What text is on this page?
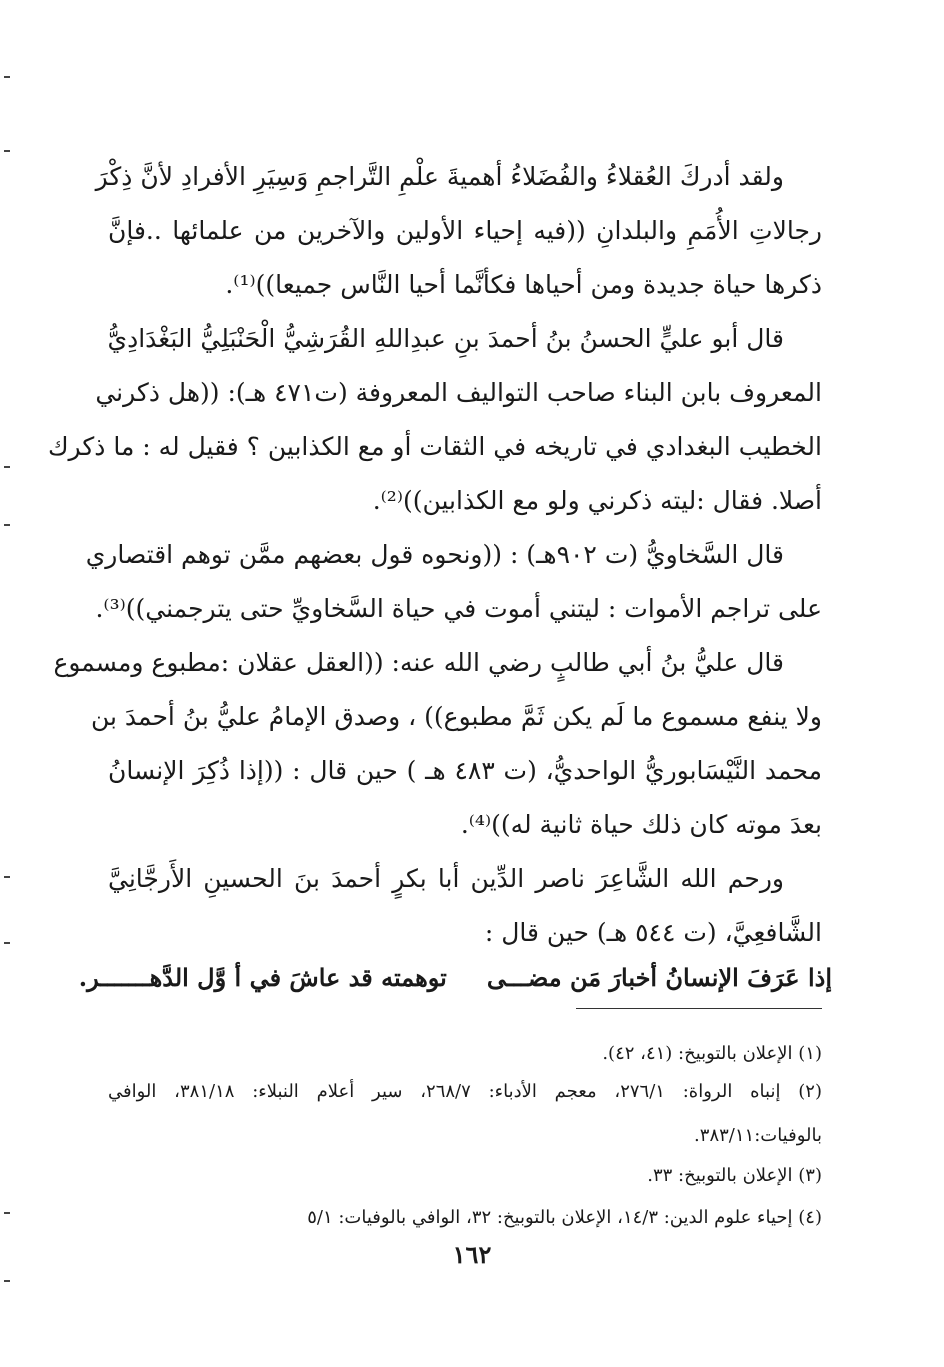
ولقد أدركَ العُقلاءُ والفُضَلاءُ أهميةَ علْمِ التَّراجمِ وَسِيَرِ الأفرادِ لأنَّ ذِكْرَ
رجالاتِ الأُمَمِ والبلدانِ ((فيه إحياء الأولين والآخرين من علمائها ..فإنَّ
ذكرها حياة جديدة ومن أحياها فكأنَّما أحيا النَّاس جميعا))⁽¹⁾.
قال أبو عليٍّ الحسنُ بنُ أحمدَ بنِ عبدِاللهِ القُرَشِيُّ الْحَنْبَلِيُّ البَغْدَادِيُّ
المعروف بابن البناء صاحب التواليف المعروفة (ت٤٧١ هـ): ((هل ذكرني
الخطيب البغدادي في تاريخه في الثقات أو مع الكذابين ؟ فقيل له : ما ذكرك
أصلا. فقال :ليته ذكرني ولو مع الكذابين))⁽²⁾.
قال السَّخاويُّ (ت ٩٠٢هـ) : ((ونحوه قول بعضهم ممَّن توهم اقتصاري
على تراجم الأموات : ليتني أموت في حياة السَّخاويِّ حتى يترجمني))⁽³⁾.
قال عليُّ بنُ أبي طالبٍ رضي الله عنه: ((العقل عقلان :مطبوع ومسموع
ولا ينفع مسموع ما لَم يكن ثَمَّ مطبوع)) ، وصدق الإمامُ عليُّ بنُ أحمدَ بن
محمد النَّيْسَابوريُّ الواحديُّ، (ت ٤٨٣ هـ ) حين قال : ((إذا ذُكِرَ الإنسانُ
بعدَ موته كان ذلك حياة ثانية له))⁽⁴⁾.
ورحم الله الشَّاعِرَ ناصر الدِّين أبا بكرٍ أحمدَ بنَ الحسينِ الأَرجَّانِيَّ
الشَّافعِيَّ، (ت ٥٤٤ هـ) حين قال :
إذا عَرَفَ الإنسانُ أخبارَ مَن مضـــىتوهمته قد عاشَ في أ وَّل الدَّهـــــــر.
(١) الإعلان بالتوبيخ: (٤١، ٤٢).
(٢) إنباه الرواة: ٢٧٦/١، معجم الأدباء: ٢٦٨/٧، سير أعلام النبلاء: ٣٨١/١٨، الوافي
بالوفيات:٣٨٣/١١.
(٣) الإعلان بالتوبيخ: ٣٣.
(٤) إحياء علوم الدين: ١٤/٣، الإعلان بالتوبيخ: ٣٢، الوافي بالوفيات: ٥/١
١٦٢
